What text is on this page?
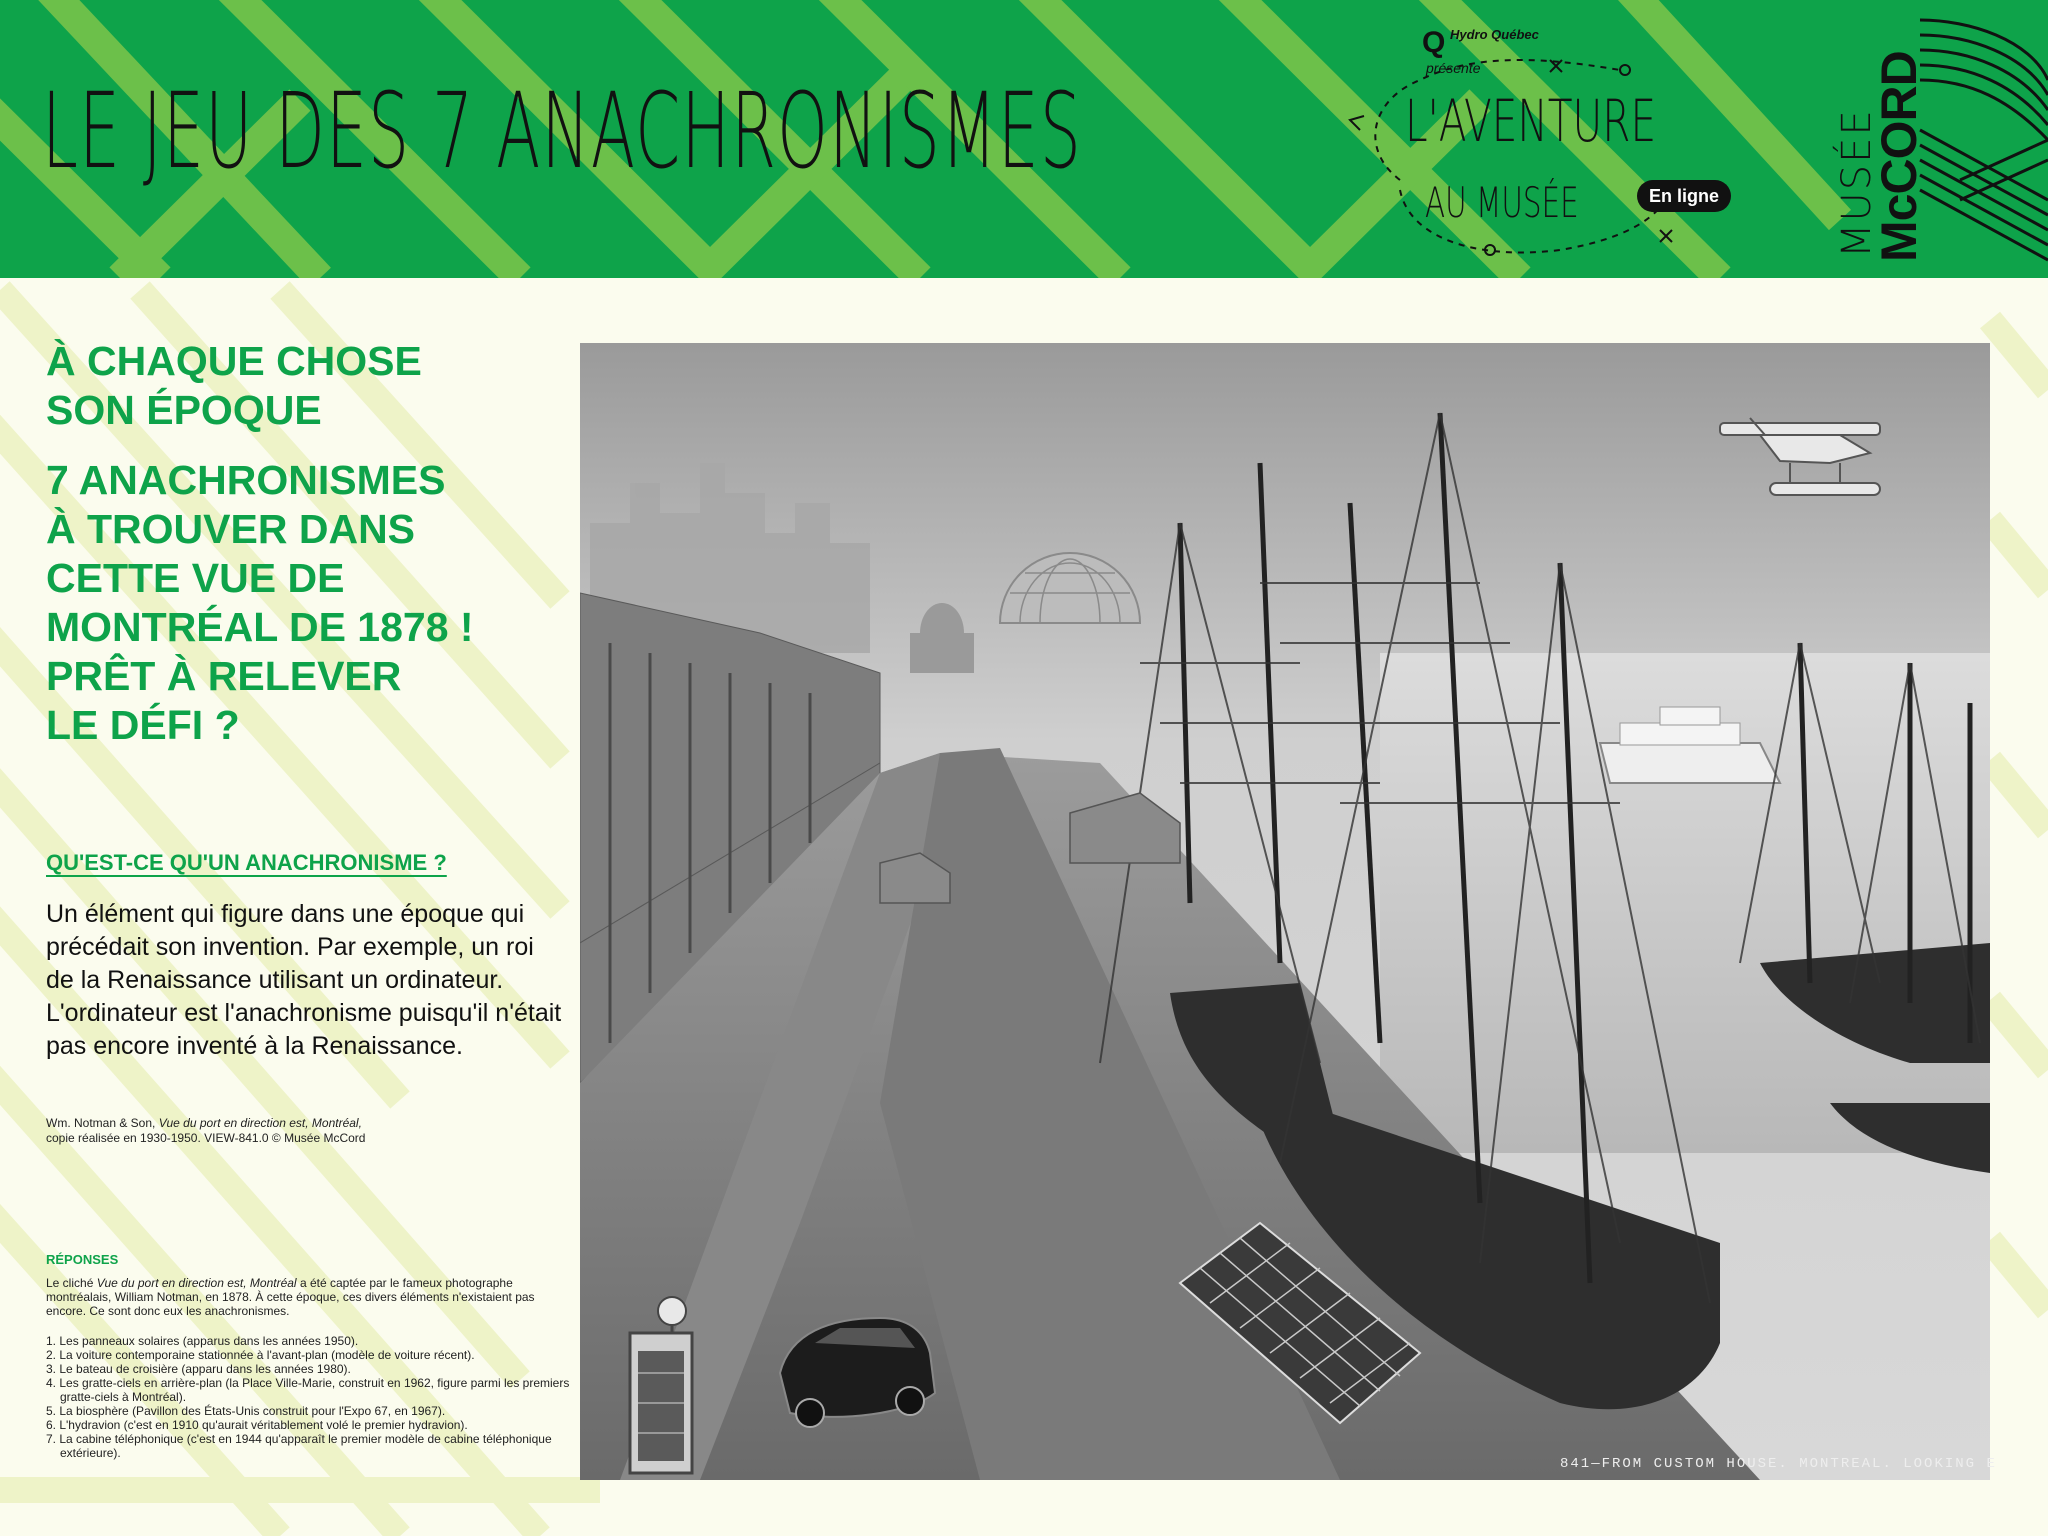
LE JEU DES 7 ANACHRONISMES
Q Hydro Québec
présente
L'AVENTURE
AU MUSÉE	En ligne	MUSÉE
McCORD
À CHAQUE CHOSE
SON ÉPOQUE
7 ANACHRONISMES
À TROUVER DANS
CETTE VUE DE
MONTRÉAL DE 1878 !
PRÊT À RELEVER
LE DÉFI ?
QU'EST-CE QU'UN ANACHRONISME ?

Un élément qui figure dans une époque qui précédait son invention. Par exemple, un roi de la Renaissance utilisant un ordinateur. L'ordinateur est l'anachronisme puisqu'il n'était pas encore inventé à la Renaissance.

Wm. Notman & Son, Vue du port en direction est, Montréal,
copie réalisée en 1930-1950. VIEW-841.0 © Musée McCord

RÉPONSES

Le cliché Vue du port en direction est, Montréal a été captée par le fameux photographe montréalais, William Notman, en 1878. À cette époque, ces divers éléments n'existaient pas encore. Ce sont donc eux les anachronismes.

1. Les panneaux solaires (apparus dans les années 1950).
2. La voiture contemporaine stationnée à l'avant-plan (modèle de voiture récent).
3. Le bateau de croisière (apparu dans les années 1980).
4. Les gratte-ciels en arrière-plan (la Place Ville-Marie, construit en 1962, figure parmi les premiers gratte-ciels à Montréal).
5. La biosphère (Pavillon des États-Unis construit pour l'Expo 67, en 1967).
6. L'hydravion (c'est en 1910 qu'aurait véritablement volé le premier hydravion).
7. La cabine téléphonique (c'est en 1944 qu'apparaît le premier modèle de cabine téléphonique extérieure).
841—FROM CUSTOM HOUSE. MONTREAL. LOOKING E
